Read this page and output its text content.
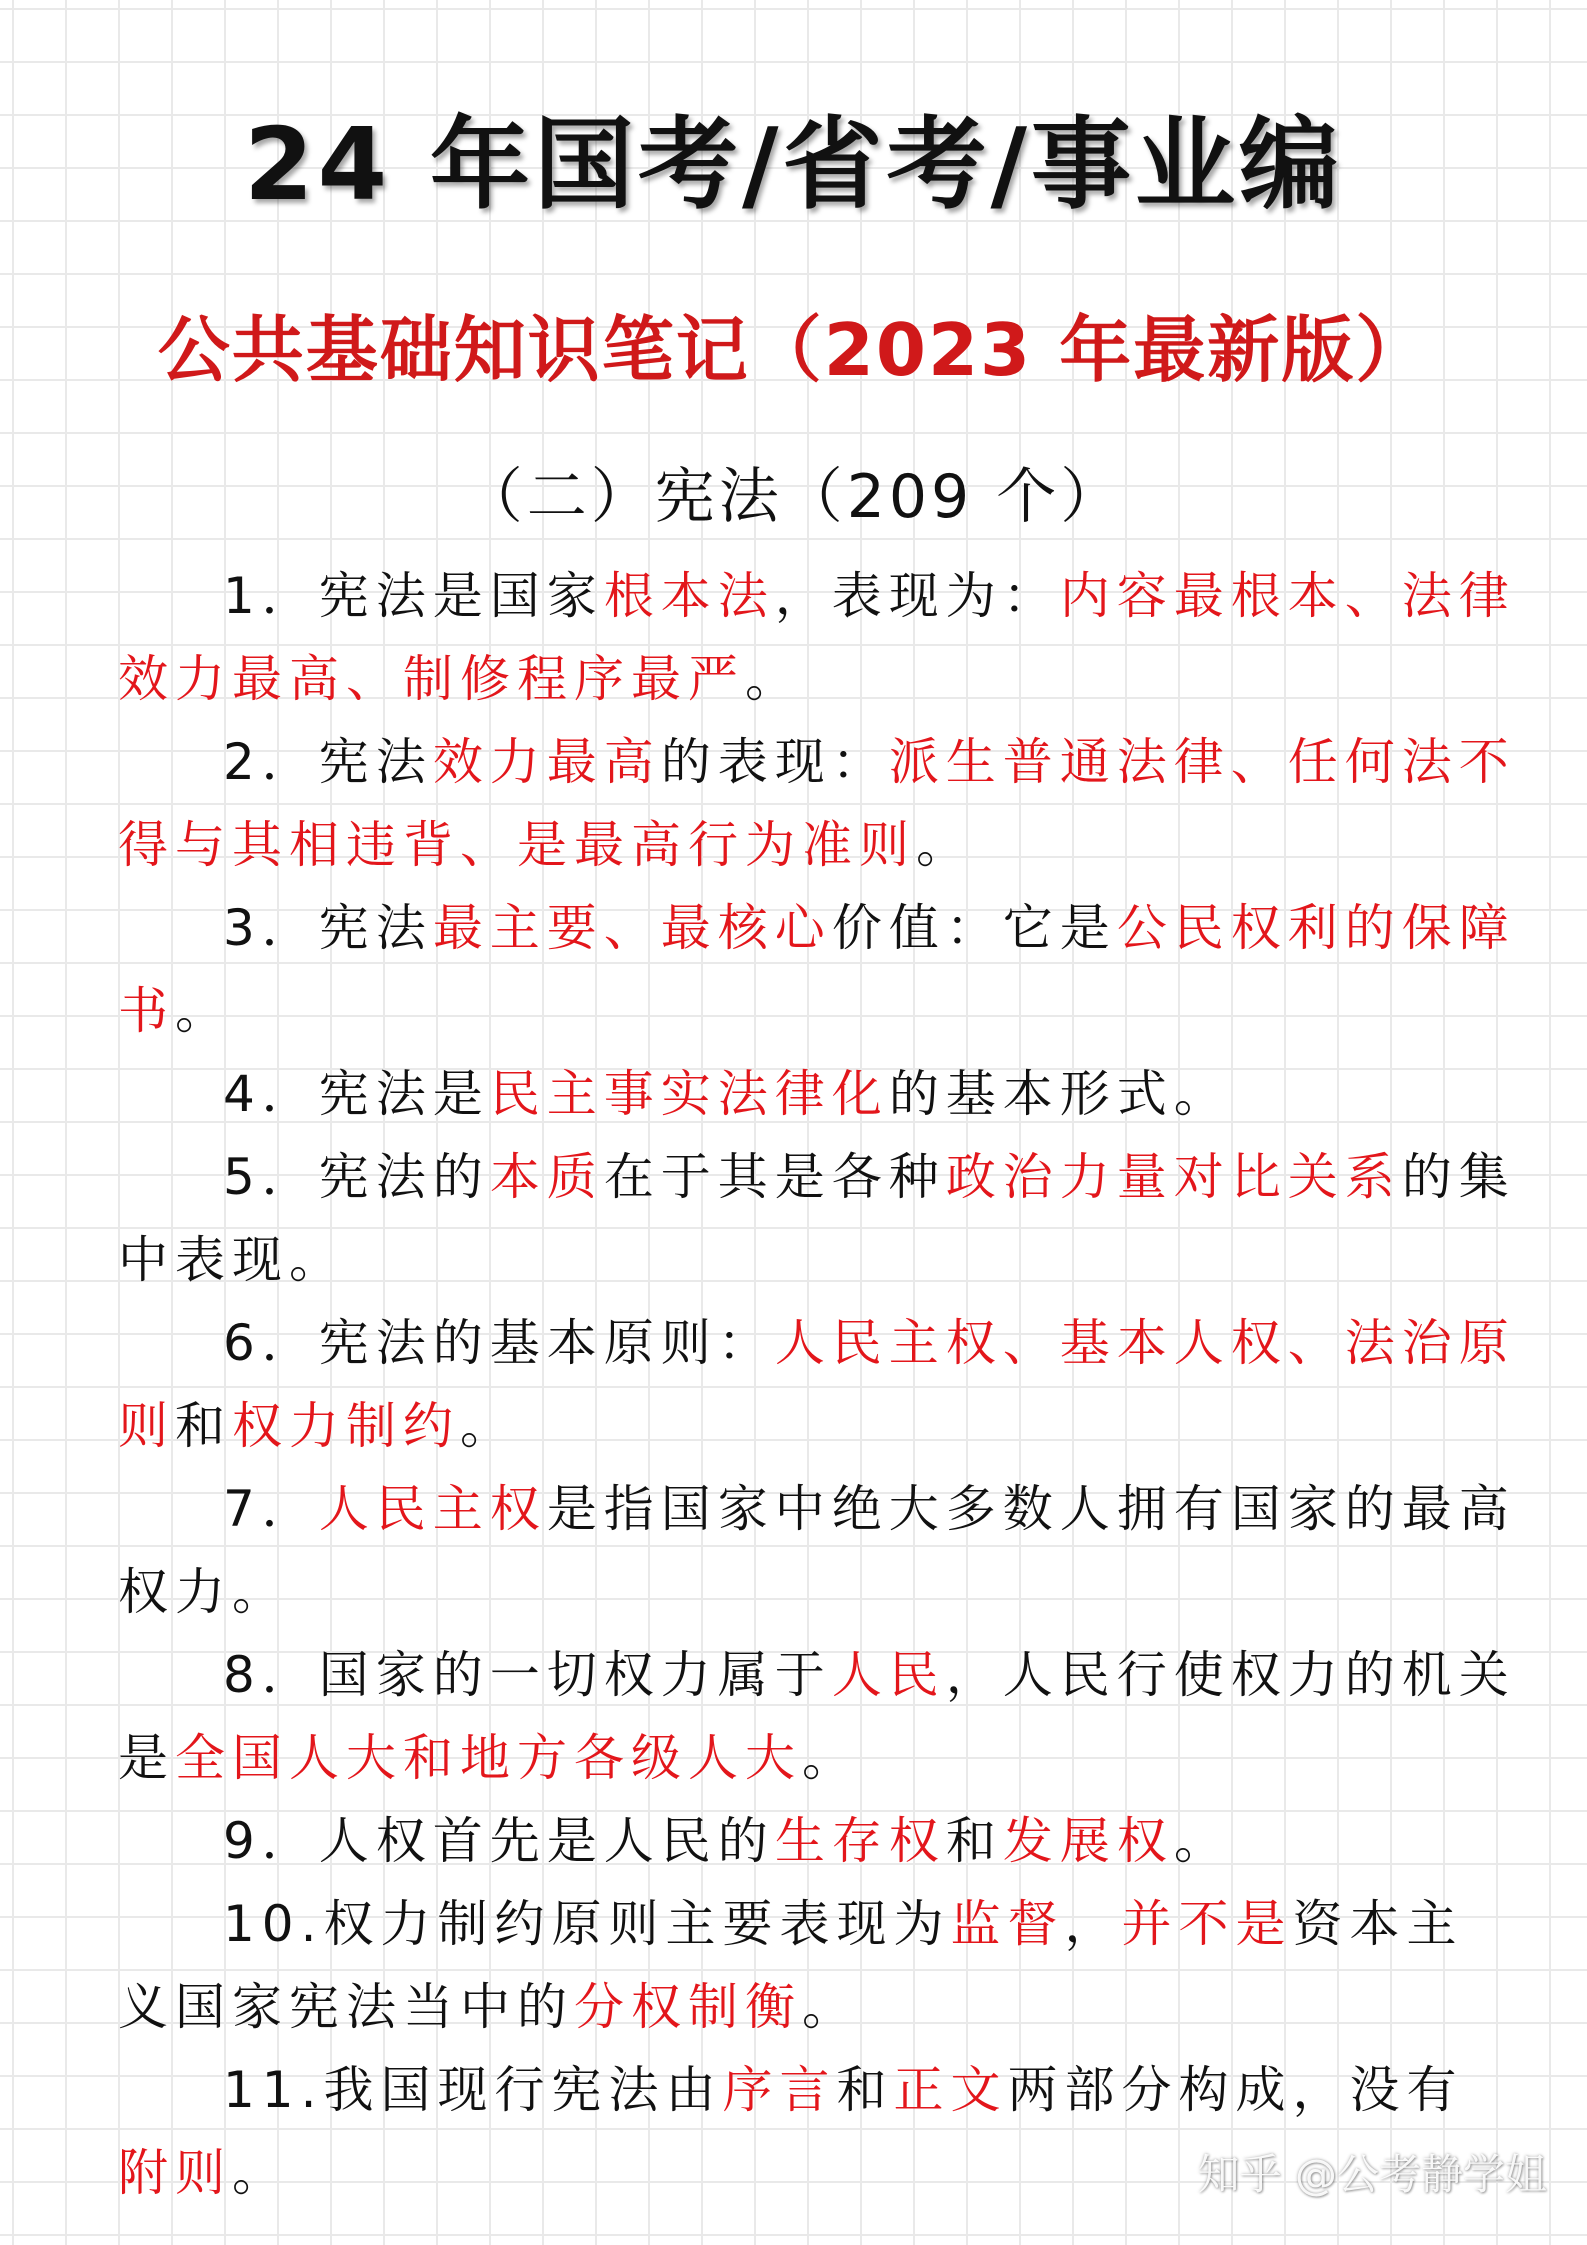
24 年国考/省考/事业编
公共基础知识笔记（2023 年最新版）
（二）宪法（209 个）

1．宪法是国家根本法，表现为：内容最根本、法律效力最高、制修程序最严。

2．宪法效力最高的表现：派生普通法律、任何法不得与其相违背、是最高行为准则。

3．宪法最主要、最核心价值：它是公民权利的保障书。

4．宪法是民主事实法律化的基本形式。

5．宪法的本质在于其是各种政治力量对比关系的集中表现。

6．宪法的基本原则：人民主权、基本人权、法治原则和权力制约。

7．人民主权是指国家中绝大多数人拥有国家的最高权力。

8．国家的一切权力属于人民，人民行使权力的机关是全国人大和地方各级人大。

9．人权首先是人民的生存权和发展权。

10.权力制约原则主要表现为监督，并不是资本主义国家宪法当中的分权制衡。

11.我国现行宪法由序言和正文两部分构成，没有附则。	知乎 @公考静学姐
